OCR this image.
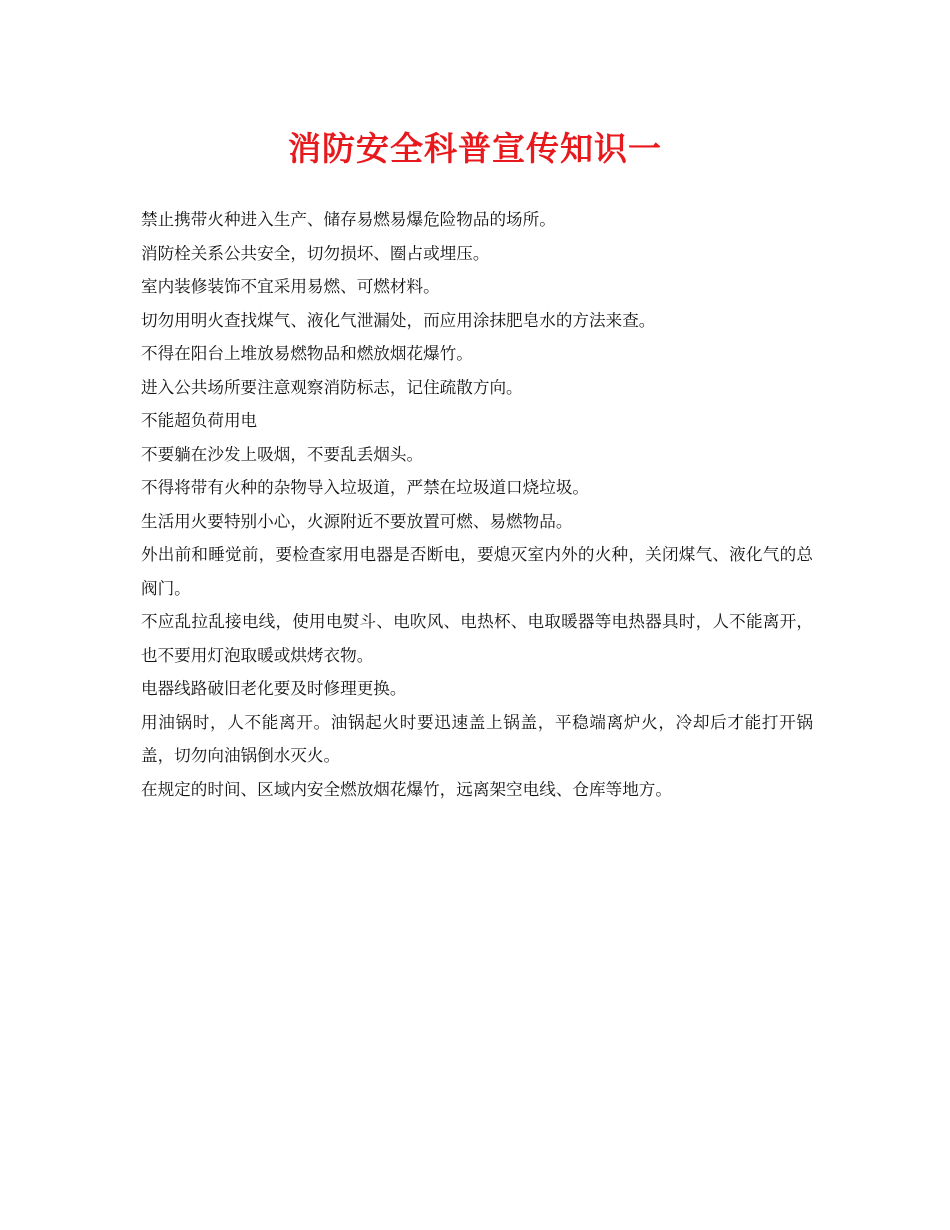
消防安全科普宣传知识一

禁止携带火种进入生产、储存易燃易爆危险物品的场所。

消防栓关系公共安全，切勿损坏、圈占或埋压。

室内装修装饰不宜采用易燃、可燃材料。

切勿用明火查找煤气、液化气泄漏处，而应用涂抹肥皂水的方法来查。

不得在阳台上堆放易燃物品和燃放烟花爆竹。

进入公共场所要注意观察消防标志，记住疏散方向。

不能超负荷用电

不要躺在沙发上吸烟，不要乱丢烟头。

不得将带有火种的杂物导入垃圾道，严禁在垃圾道口烧垃圾。

生活用火要特别小心，火源附近不要放置可燃、易燃物品。

外出前和睡觉前，要检查家用电器是否断电，要熄灭室内外的火种，关闭煤气、液化气的总阀门。

不应乱拉乱接电线，使用电熨斗、电吹风、电热杯、电取暖器等电热器具时，人不能离开，也不要用灯泡取暖或烘烤衣物。

电器线路破旧老化要及时修理更换。

用油锅时，人不能离开。油锅起火时要迅速盖上锅盖，平稳端离炉火，冷却后才能打开锅盖，切勿向油锅倒水灭火。

在规定的时间、区域内安全燃放烟花爆竹，远离架空电线、仓库等地方。
